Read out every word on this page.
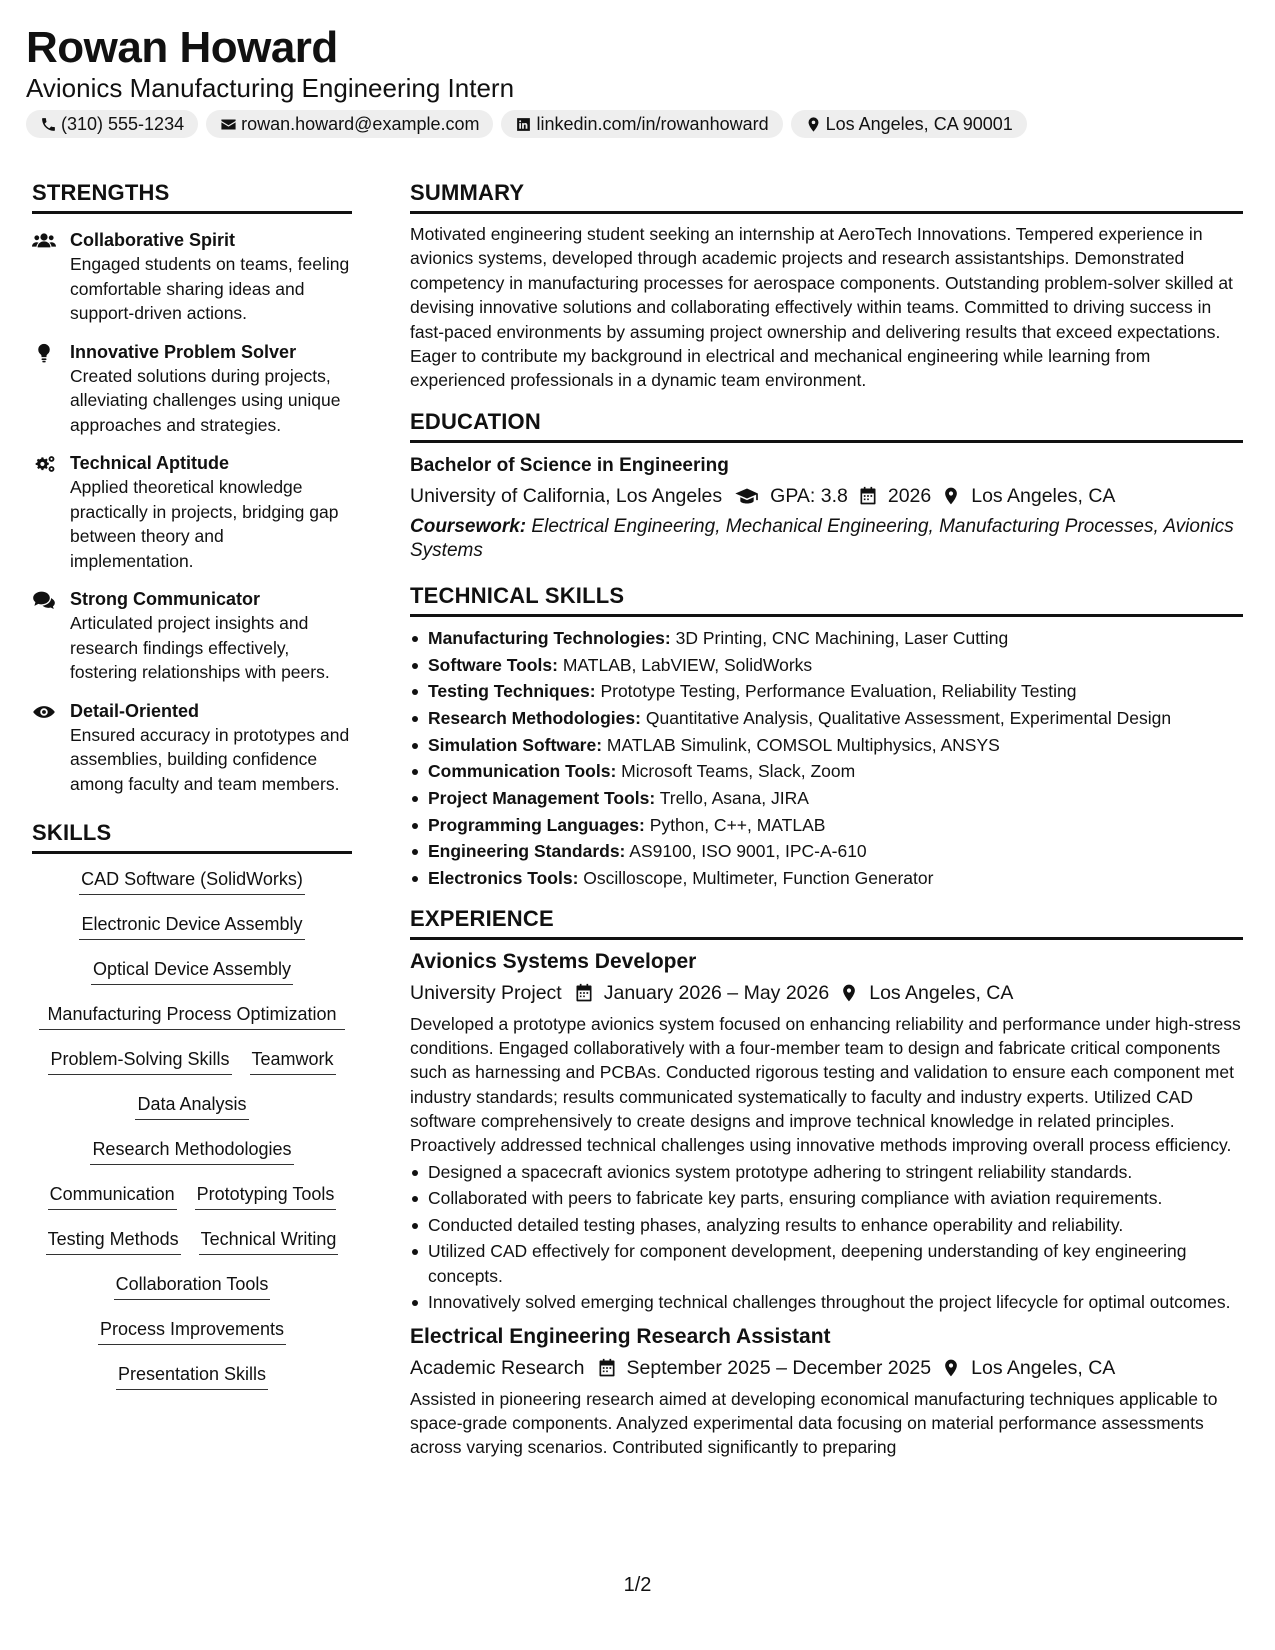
Rowan Howard
Avionics Manufacturing Engineering Intern
(310) 555-1234	rowan.howard@example.com	linkedin.com/in/rowanhoward	Los Angeles, CA 90001
STRENGTHS
Collaborative Spirit
Engaged students on teams, feeling comfortable sharing ideas and support-driven actions.
Innovative Problem Solver
Created solutions during projects, alleviating challenges using unique approaches and strategies.
Technical Aptitude
Applied theoretical knowledge practically in projects, bridging gap between theory and implementation.
Strong Communicator
Articulated project insights and research findings effectively, fostering relationships with peers.
Detail-Oriented
Ensured accuracy in prototypes and assemblies, building confidence among faculty and team members.
SKILLS
CAD Software (SolidWorks)
Electronic Device Assembly
Optical Device Assembly
Manufacturing Process Optimization
Problem-Solving Skills Teamwork
Data Analysis
Research Methodologies
Communication Prototyping Tools
Testing Methods Technical Writing
Collaboration Tools
Process Improvements
Presentation Skills
SUMMARY
Motivated engineering student seeking an internship at AeroTech Innovations. Tempered experience in avionics systems, developed through academic projects and research assistantships. Demonstrated competency in manufacturing processes for aerospace components. Outstanding problem-solver skilled at devising innovative solutions and collaborating effectively within teams. Committed to driving success in fast-paced environments by assuming project ownership and delivering results that exceed expectations. Eager to contribute my background in electrical and mechanical engineering while learning from experienced professionals in a dynamic team environment.
EDUCATION
Bachelor of Science in Engineering
University of California, Los Angeles GPA: 3.8 2026 Los Angeles, CA
Coursework: Electrical Engineering, Mechanical Engineering, Manufacturing Processes, Avionics Systems
TECHNICAL SKILLS
Manufacturing Technologies: 3D Printing, CNC Machining, Laser Cutting
Software Tools: MATLAB, LabVIEW, SolidWorks
Testing Techniques: Prototype Testing, Performance Evaluation, Reliability Testing
Research Methodologies: Quantitative Analysis, Qualitative Assessment, Experimental Design
Simulation Software: MATLAB Simulink, COMSOL Multiphysics, ANSYS
Communication Tools: Microsoft Teams, Slack, Zoom
Project Management Tools: Trello, Asana, JIRA
Programming Languages: Python, C++, MATLAB
Engineering Standards: AS9100, ISO 9001, IPC-A-610
Electronics Tools: Oscilloscope, Multimeter, Function Generator
EXPERIENCE
Avionics Systems Developer
University Project January 2026 – May 2026 Los Angeles, CA
Developed a prototype avionics system focused on enhancing reliability and performance under high-stress conditions. Engaged collaboratively with a four-member team to design and fabricate critical components such as harnessing and PCBAs. Conducted rigorous testing and validation to ensure each component met industry standards; results communicated systematically to faculty and industry experts. Utilized CAD software comprehensively to create designs and improve technical knowledge in related principles. Proactively addressed technical challenges using innovative methods improving overall process efficiency.
Designed a spacecraft avionics system prototype adhering to stringent reliability standards.
Collaborated with peers to fabricate key parts, ensuring compliance with aviation requirements.
Conducted detailed testing phases, analyzing results to enhance operability and reliability.
Utilized CAD effectively for component development, deepening understanding of key engineering concepts.
Innovatively solved emerging technical challenges throughout the project lifecycle for optimal outcomes.
Electrical Engineering Research Assistant
Academic Research September 2025 – December 2025 Los Angeles, CA
Assisted in pioneering research aimed at developing economical manufacturing techniques applicable to space-grade components. Analyzed experimental data focusing on material performance assessments across varying scenarios. Contributed significantly to preparing
1/2
